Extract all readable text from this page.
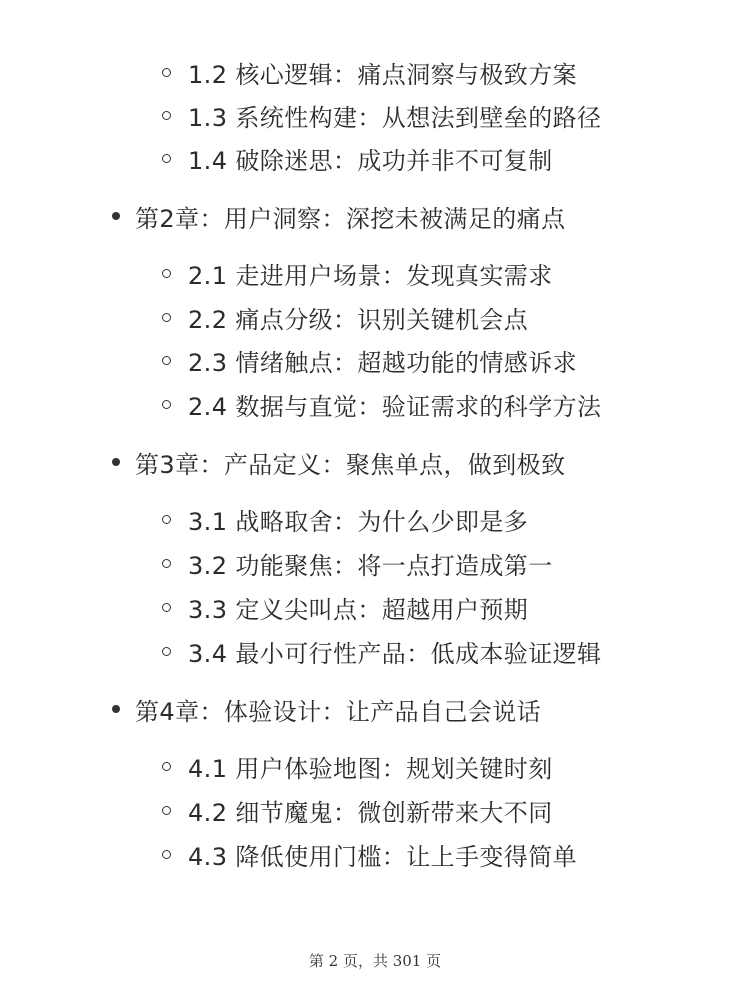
1.2 核心逻辑：痛点洞察与极致方案
1.3 系统性构建：从想法到壁垒的路径
1.4 破除迷思：成功并非不可复制
第2章：用户洞察：深挖未被满足的痛点
2.1 走进用户场景：发现真实需求
2.2 痛点分级：识别关键机会点
2.3 情绪触点：超越功能的情感诉求
2.4 数据与直觉：验证需求的科学方法
第3章：产品定义：聚焦单点，做到极致
3.1 战略取舍：为什么少即是多
3.2 功能聚焦：将一点打造成第一
3.3 定义尖叫点：超越用户预期
3.4 最小可行性产品：低成本验证逻辑
第4章：体验设计：让产品自己会说话
4.1 用户体验地图：规划关键时刻
4.2 细节魔鬼：微创新带来大不同
4.3 降低使用门槛：让上手变得简单
第 2 页，共 301 页
